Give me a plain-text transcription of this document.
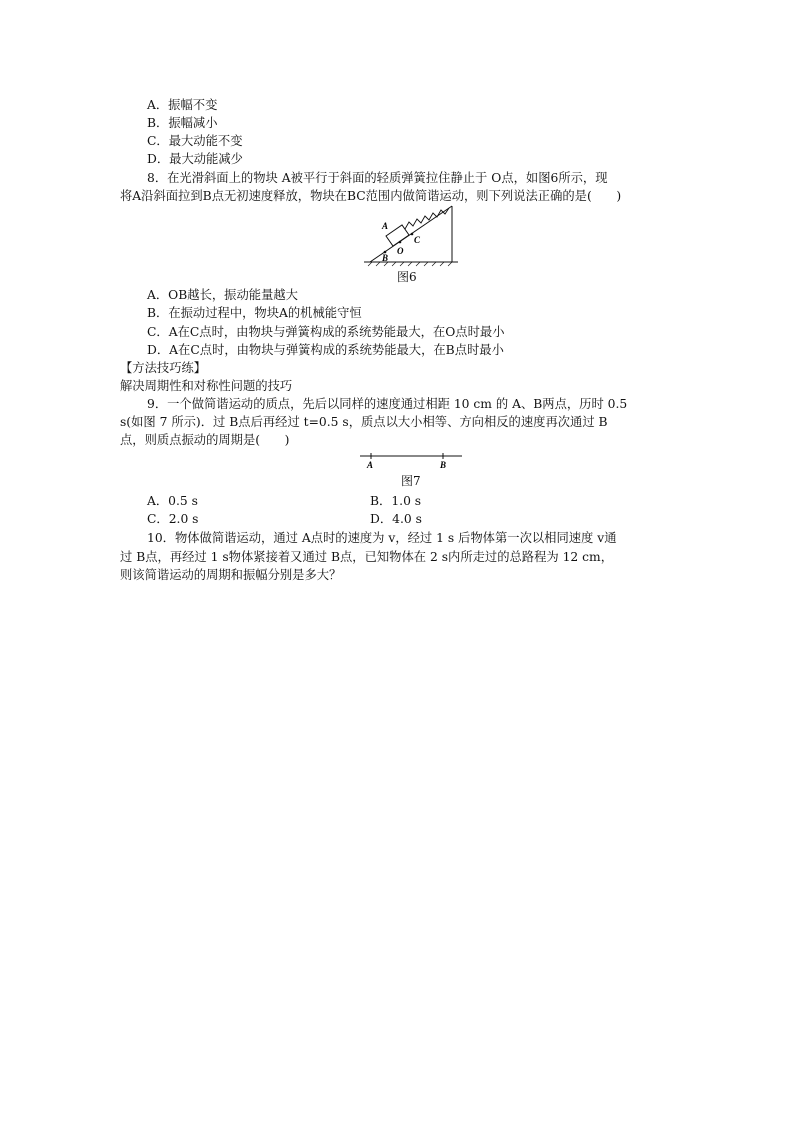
A．振幅不变
B．振幅减小
C．最大动能不变
D．最大动能减少
8．在光滑斜面上的物块 A被平行于斜面的轻质弹簧拉住静止于 O点，如图6所示，现
将A沿斜面拉到B点无初速度释放，物块在BC范围内做简谐运动，则下列说法正确的是(　　)
A
O
C
B
图6
A．OB越长，振动能量越大
B．在振动过程中，物块A的机械能守恒
C．A在C点时，由物块与弹簧构成的系统势能最大，在O点时最小
D．A在C点时，由物块与弹簧构成的系统势能最大，在B点时最小
【方法技巧练】
解决周期性和对称性问题的技巧
9．一个做简谐运动的质点，先后以同样的速度通过相距 10 cm 的 A、B两点，历时 0.5
s(如图 7 所示)．过 B点后再经过 t=0.5 s，质点以大小相等、方向相反的速度再次通过 B
点，则质点振动的周期是(　　)
A	B
图7
A．0.5 s	B．1.0 s
C．2.0 s	D．4.0 s
10．物体做简谐运动，通过 A点时的速度为 v，经过 1 s 后物体第一次以相同速度 v通
过 B点，再经过 1 s物体紧接着又通过 B点，已知物体在 2 s内所走过的总路程为 12 cm，
则该简谐运动的周期和振幅分别是多大？
